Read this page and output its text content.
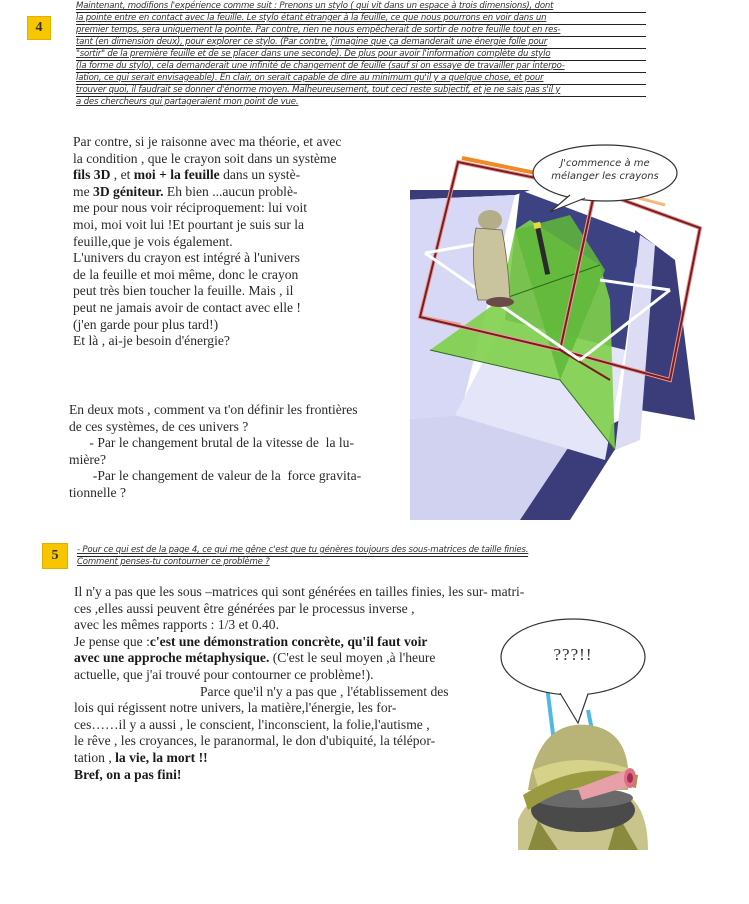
4
Maintenant, modifions l'expérience comme suit : Prenons un stylo ( qui vit dans un espace à trois dimensions), dont
la pointe entre en contact avec la feuille. Le stylo étant étranger à la feuille, ce que nous pourrons en voir dans un
premier temps, sera uniquement la pointe. Par contre, rien ne nous empêcherait de sortir de notre feuille tout en res-
tant (en dimension deux), pour explorer ce stylo. (Par contre, j'imagine que ça demanderait une énergie folle pour
"sortir" de la première feuille et de se placer dans une seconde). De plus pour avoir l'information complète du stylo
(la forme du stylo), cela demanderait une infinité de changement de feuille (sauf si on essaye de travailler par interpo-
lation, ce qui serait envisageable). En clair, on serait capable de dire au minimum qu'il y a quelque chose, et pour
trouver quoi, il faudrait se donner d'énorme moyen. Malheureusement, tout ceci reste subjectif, et je ne sais pas s'il y
a des chercheurs qui partageraient mon point de vue.
J'commence à me
mélanger les crayons
Par contre, si je raisonne avec ma théorie, et avec
la condition , que le crayon soit dans un système
fils 3D , et moi + la feuille dans un systè-
me 3D géniteur. Eh bien ...aucun problè-
me pour nous voir réciproquement: lui voit
moi, moi voit lui !Et pourtant je suis sur la
feuille,que je vois également.
L'univers du crayon est intégré à l'univers
de la feuille et moi même, donc le crayon
peut très bien toucher la feuille. Mais , il
peut ne jamais avoir de contact avec elle !
(j'en garde pour plus tard!)
Et là , ai-je besoin d'énergie?
En deux mots , comment va t'on définir les frontières
de ces systèmes, de ces univers ?
- Par le changement brutal de la vitesse de  la lu-
mière?
-Par le changement de valeur de la  force gravita-
tionnelle ?
5	- Pour ce qui est de la page 4, ce qui me gêne c'est que tu génères toujours des sous-matrices de taille finies.
Comment penses-tu contourner ce problème ?
Il n'y a pas que les sous –matrices qui sont générées en tailles finies, les sur- matri-
ces ,elles aussi peuvent être générées par le processus inverse ,
avec les mêmes rapports : 1/3 et 0.40.
Je pense que :c'est une démonstration concrète, qu'il faut voir
avec une approche métaphysique. (C'est le seul moyen ,à l'heure
actuelle, que j'ai trouvé pour contourner ce problème!).
Parce que'il n'y a pas que , l'établissement des
lois qui régissent notre univers, la matière,l'énergie, les for-
ces……il y a aussi , le conscient, l'inconscient, la folie,l'autisme ,
le rêve , les croyances, le paranormal, le don d'ubiquité, la télépor-
tation , la vie, la mort !!
Bref, on a pas fini!
???!!
